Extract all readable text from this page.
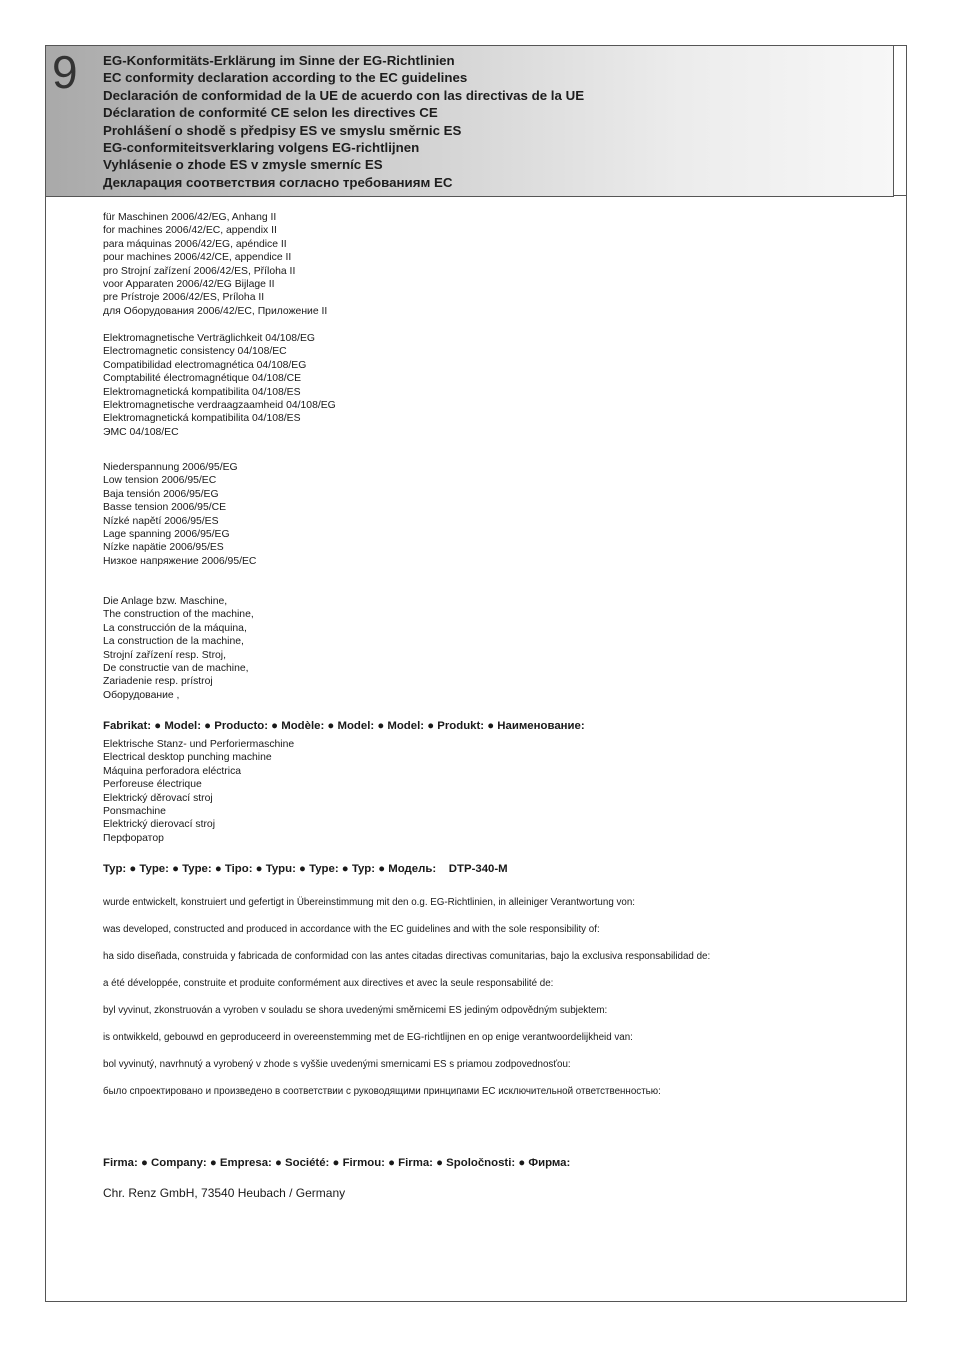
9 EG-Konformitäts-Erklärung im Sinne der EG-Richtlinien
EC conformity declaration according to the EC guidelines
Declaración de conformidad de la UE de acuerdo con las directivas de la UE
Déclaration de conformité CE selon les directives CE
Prohlášení o shodě s předpisy ES ve smyslu směrnic ES
EG-conformiteitsverklaring volgens EG-richtlijnen
Vyhlásenie o zhode ES v zmysle smerníc ES
Декларация соответствия согласно требованиям ЕС
für Maschinen 2006/42/EG, Anhang II
for machines 2006/42/EC, appendix II
para máquinas 2006/42/EG, apéndice II
pour machines 2006/42/CE, appendice II
pro Strojní zařízení 2006/42/ES, Příloha II
voor Apparaten 2006/42/EG Bijlage II
pre Prístroje 2006/42/ES, Príloha II
для Оборудования 2006/42/ЕС, Приложение II
Elektromagnetische Verträglichkeit 04/108/EG
Electromagnetic consistency 04/108/EC
Compatibilidad electromagnética 04/108/EG
Comptabilité électromagnétique 04/108/CE
Elektromagnetická kompatibilita 04/108/ES
Elektromagnetische verdraagzaamheid 04/108/EG
Elektromagnetická kompatibilita 04/108/ES
ЭМС 04/108/ЕС
Niederspannung 2006/95/EG
Low tension 2006/95/EC
Baja tensión 2006/95/EG
Basse tension 2006/95/CE
Nízké napětí 2006/95/ES
Lage spanning 2006/95/EG
Nízke napätie 2006/95/ES
Низкое напряжение 2006/95/ЕС
Die Anlage bzw. Maschine,
The construction of the machine,
La construcción de la máquina,
La construction de la machine,
Strojní zařízení resp. Stroj,
De constructie van de machine,
Zariadenie resp. prístroj
Оборудование ,
Fabrikat: ● Model: ● Producto: ● Modèle: ● Model: ● Model: ● Produkt: ● Наименование:
Elektrische Stanz- und Perforiermaschine
Electrical desktop punching machine
Máquina perforadora eléctrica
Perforeuse électrique
Elektrický děrovací stroj
Ponsmachine
Elektrický dierovací stroj
Перфоратор
Typ: ● Type: ● Type: ● Tipo: ● Typu: ● Type: ● Typ: ● Модель:    DTP-340-M
wurde entwickelt, konstruiert und gefertigt in Übereinstimmung mit den o.g. EG-Richtlinien, in alleiniger Verantwortung von:
was developed, constructed and produced in accordance with the EC guidelines and with the sole responsibility of:
ha sido diseñada, construida y fabricada de conformidad con las antes citadas directivas comunitarias, bajo la exclusiva responsabilidad de:
a été développée, construite et produite conformément aux directives et avec la seule responsabilité de:
byl vyvinut, zkonstruován a vyroben v souladu se shora uvedenými směrnicemi ES jediným odpovědným subjektem:
is ontwikkeld, gebouwd en geproduceerd in overeenstemming met de EG-richtlijnen en op enige verantwoordelijkheid van:
bol vyvinutý, navrhnutý a vyrobený v zhode s vyššie uvedenými smernicami ES s priamou zodpovednosťou:
было спроектировано и произведено в соответствии с руководящими принципами ЕС исключительной ответственностью:
Firma: ● Company: ● Empresa: ● Société: ● Firmou: ● Firma: ● Spoločnosti: ● Фирма:
Chr. Renz GmbH, 73540 Heubach / Germany
